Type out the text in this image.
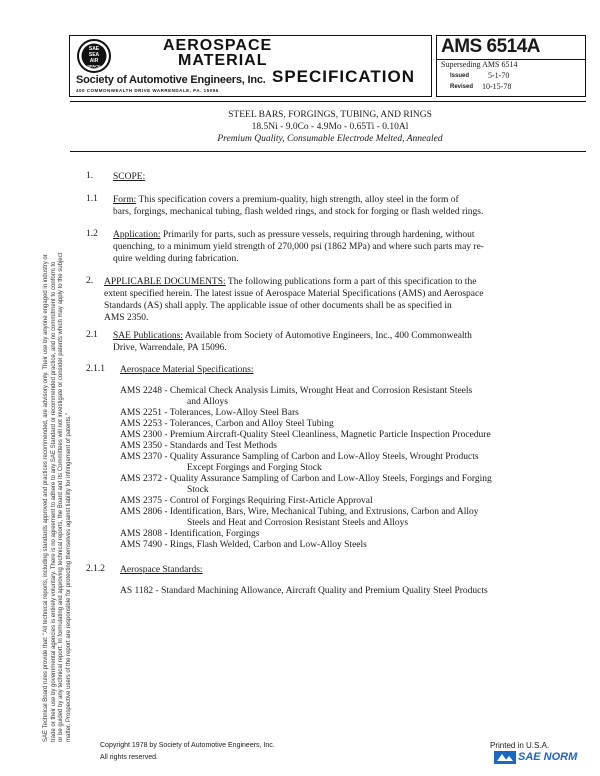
SAE
SEA
AIR
SPACE
AEROSPACE
MATERIAL
SPECIFICATION
Society of Automotive Engineers, Inc.
400 COMMONWEALTH DRIVE WARRENDALE, PA. 15096
AMS 6514A
Superseding AMS 6514
Issued 5-1-70
Revised 10-15-78
STEEL BARS, FORGINGS, TUBING, AND RINGS
18.5Ni - 9.0Co - 4.9Mo - 0.65Ti - 0.10Al
Premium Quality, Consumable Electrode Melted, Annealed
1. SCOPE:
1.1 Form: This specification covers a premium-quality, high strength, alloy steel in the form of
bars, forgings, mechanical tubing, flash welded rings, and stock for forging or flash welded rings.
1.2 Application: Primarily for parts, such as pressure vessels, requiring through hardening, without
quenching, to a minimum yield strength of 270,000 psi (1862 MPa) and where such parts may re-
quire welding during fabrication.
2. APPLICABLE DOCUMENTS: The following publications form a part of this specification to the
extent specified herein. The latest issue of Aerospace Material Specifications (AMS) and Aerospace
Standards (AS) shall apply. The applicable issue of other documents shall be as specified in
AMS 2350.
2.1 SAE Publications: Available from Society of Automotive Engineers, Inc., 400 Commonwealth
Drive, Warrendale, PA 15096.
2.1.1 Aerospace Material Specifications:
AMS 2248 - Chemical Check Analysis Limits, Wrought Heat and Corrosion Resistant Steels
and Alloys
AMS 2251 - Tolerances, Low-Alloy Steel Bars
AMS 2253 - Tolerances, Carbon and Alloy Steel Tubing
AMS 2300 - Premium Aircraft-Quality Steel Cleanliness, Magnetic Particle Inspection Procedure
AMS 2350 - Standards and Test Methods
AMS 2370 - Quality Assurance Sampling of Carbon and Low-Alloy Steels, Wrought Products
Except Forgings and Forging Stock
AMS 2372 - Quality Assurance Sampling of Carbon and Low-Alloy Steels, Forgings and Forging
Stock
AMS 2375 - Control of Forgings Requiring First-Article Approval
AMS 2806 - Identification, Bars, Wire, Mechanical Tubing, and Extrusions, Carbon and Alloy
Steels and Heat and Corrosion Resistant Steels and Alloys
AMS 2808 - Identification, Forgings
AMS 7490 - Rings, Flash Welded, Carbon and Low-Alloy Steels
2.1.2 Aerospace Standards:
AS 1182 - Standard Machining Allowance, Aircraft Quality and Premium Quality Steel Products
SAE Technical Board rules provide that: "All technical reports, including standards approved and practices recommended, are advisory only. Their use by anyone engaged in industry or trade or their use by governmental agencies is entirely voluntary. There is no agreement to adhere to any SAE Standard or recommended practice, and no commitment to conform to or be guided by any technical report. In formulating and approving technical reports, the Board and its Committees will not investigate or consider patents which may apply to the subject matter. Prospective users of the report are responsible for protecting themselves against liability for infringement of patents."
Copyright 1978 by Society of Automotive Engineers, Inc.
All rights reserved.
Printed in U.S.A.
SAE NORM
